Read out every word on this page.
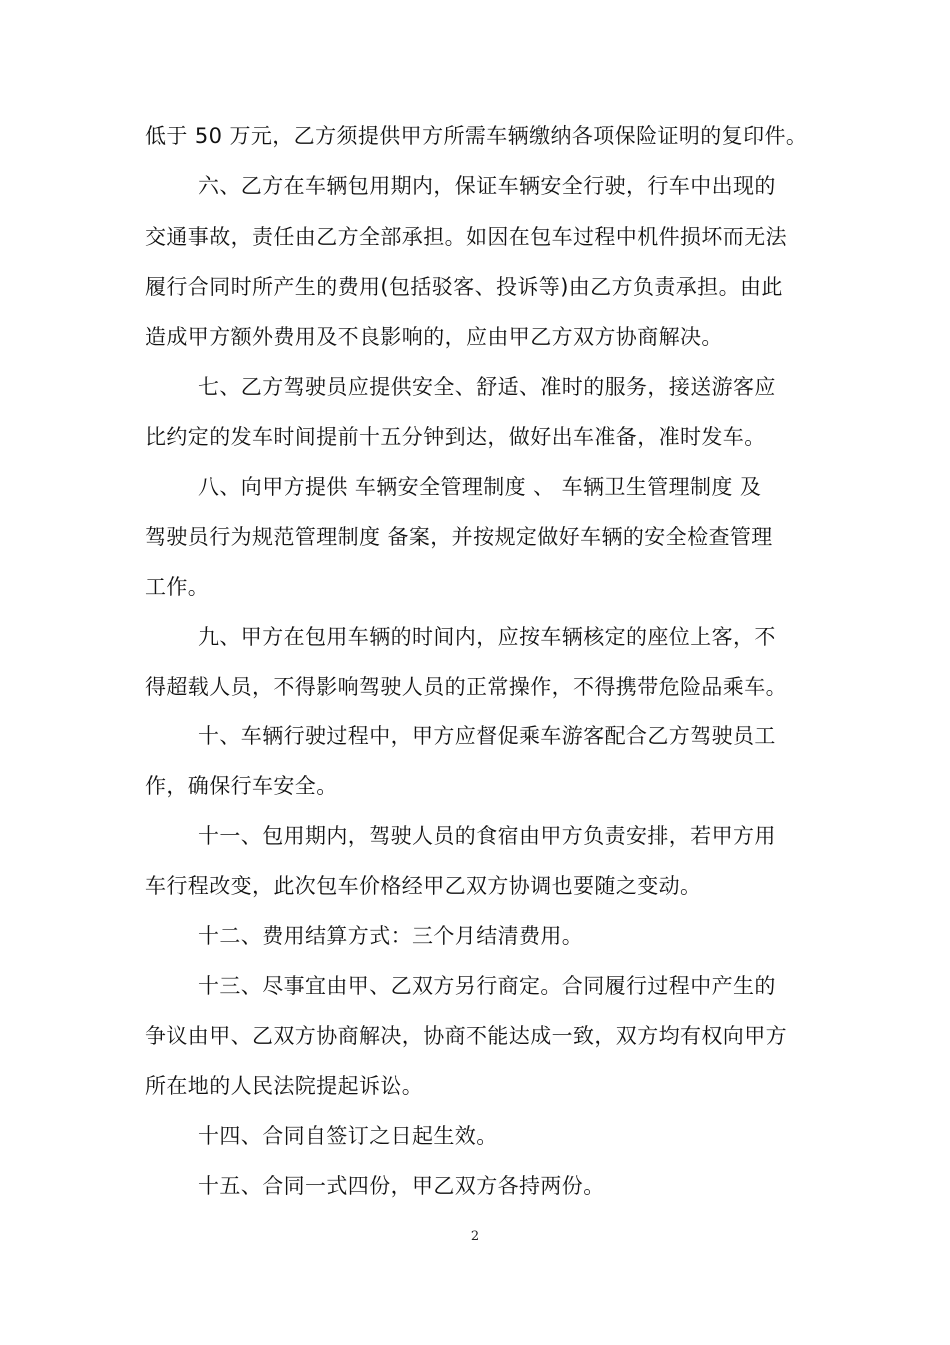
低于 50 万元，乙方须提供甲方所需车辆缴纳各项保险证明的复印件。
六、乙方在车辆包用期内，保证车辆安全行驶，行车中出现的
交通事故，责任由乙方全部承担。如因在包车过程中机件损坏而无法
履行合同时所产生的费用(包括驳客、投诉等)由乙方负责承担。由此
造成甲方额外费用及不良影响的，应由甲乙方双方协商解决。
七、乙方驾驶员应提供安全、舒适、准时的服务，接送游客应
比约定的发车时间提前十五分钟到达，做好出车准备，准时发车。
八、向甲方提供 车辆安全管理制度 、 车辆卫生管理制度 及
驾驶员行为规范管理制度 备案，并按规定做好车辆的安全检查管理
工作。
九、甲方在包用车辆的时间内，应按车辆核定的座位上客，不
得超载人员，不得影响驾驶人员的正常操作，不得携带危险品乘车。
十、车辆行驶过程中，甲方应督促乘车游客配合乙方驾驶员工
作，确保行车安全。
十一、包用期内，驾驶人员的食宿由甲方负责安排，若甲方用
车行程改变，此次包车价格经甲乙双方协调也要随之变动。
十二、费用结算方式：三个月结清费用。
十三、尽事宜由甲、乙双方另行商定。合同履行过程中产生的
争议由甲、乙双方协商解决，协商不能达成一致，双方均有权向甲方
所在地的人民法院提起诉讼。
十四、合同自签订之日起生效。
十五、合同一式四份，甲乙双方各持两份。
2
